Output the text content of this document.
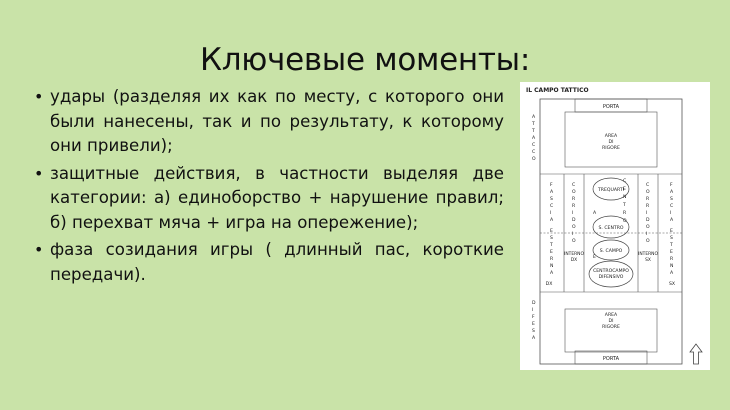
Ключевые моменты:
• удары (разделяя их как по месту, с которого они были нанесены, так и по результату, к которому они привели);
• защитные действия, в частности выделяя две категории: а) единоборство + нарушение правил; б) перехват мяча + игра на опережение);
• фаза созидания игры ( длинный пас, короткие передачи).
IL CAMPO TATTICO
PORTA
AREA
DI
RIGORE
A T T A C C O
TREQUARTI
S. CENTRO
S. CAMPO
CENTROCAMPO
DIFENSIVO
C E N T R O
A
E
F A S C I A E S T E R N A
DX
F A S C I A E S T E R N A
SX
C O R R I D O I O
INTERNO
DX
C O R R I D O I O
INTERNO
SX
D I F E S A
AREA
DI
RIGORE
PORTA
